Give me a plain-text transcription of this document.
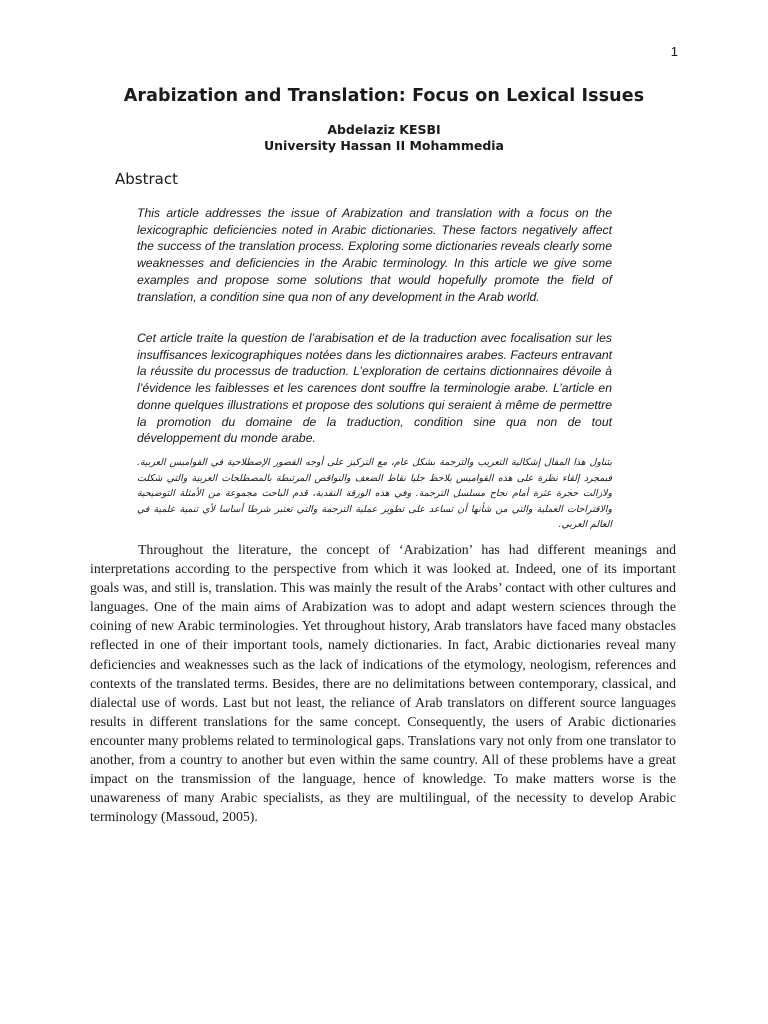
1
Arabization and Translation: Focus on Lexical Issues
Abdelaziz KESBI
University Hassan II Mohammedia
Abstract

This article addresses the issue of Arabization and translation with a focus on the lexicographic deficiencies noted in Arabic dictionaries. These factors negatively affect the success of the translation process. Exploring some dictionaries reveals clearly some weaknesses and deficiencies in the Arabic terminology. In this article we give some examples and propose some solutions that would hopefully promote the field of translation, a condition sine qua non of any development in the Arab world.

Cet article traite la question de l’arabisation et de la traduction avec focalisation sur les insuffisances lexicographiques notées dans les dictionnaires arabes. Facteurs entravant la réussite du processus de traduction. L’exploration de certains dictionnaires dévoile à l’évidence les faiblesses et les carences dont souffre la terminologie arabe. L’article en donne quelques illustrations et propose des solutions qui seraient à même de permettre la promotion du domaine de la traduction, condition sine qua non de tout développement du monde arabe.

يتناول هذا المقال إشكالية التعريب والترجمة بشكل عام، مع التركيز على أوجه القصور الإصطلاحية في القواميس العربية. فبمجرد إلقاء نظرة على هذه القواميس يلاحظ جليا نقاط الضعف والنواقص المرتبطة بالمصطلحات العربية والتي شكلت ولازالت حجرة عثرة أمام نجاح مسلسل الترجمة. وفي هذه الورقة النقدية، قدم الباحث مجموعة من الأمثلة التوضيحية والاقتراحات العملية والتي من شأنها أن تساعد على تطوير عملية الترجمة والتي تعتبر شرطا أساسا لأي تنمية علمية في العالم العربي.

Throughout the literature, the concept of ‘Arabization’ has had different meanings and interpretations according to the perspective from which it was looked at. Indeed, one of its important goals was, and still is, translation. This was mainly the result of the Arabs’ contact with other cultures and languages. One of the main aims of Arabization was to adopt and adapt western sciences through the coining of new Arabic terminologies. Yet throughout history, Arab translators have faced many obstacles reflected in one of their important tools, namely dictionaries. In fact, Arabic dictionaries reveal many deficiencies and weaknesses such as the lack of indications of the etymology, neologism, references and contexts of the translated terms. Besides, there are no delimitations between contemporary, classical, and dialectal use of words. Last but not least, the reliance of Arab translators on different source languages results in different translations for the same concept. Consequently, the users of Arabic dictionaries encounter many problems related to terminological gaps. Translations vary not only from one translator to another, from a country to another but even within the same country. All of these problems have a great impact on the transmission of the language, hence of knowledge. To make matters worse is the unawareness of many Arabic specialists, as they are multilingual, of the necessity to develop Arabic terminology (Massoud, 2005).
